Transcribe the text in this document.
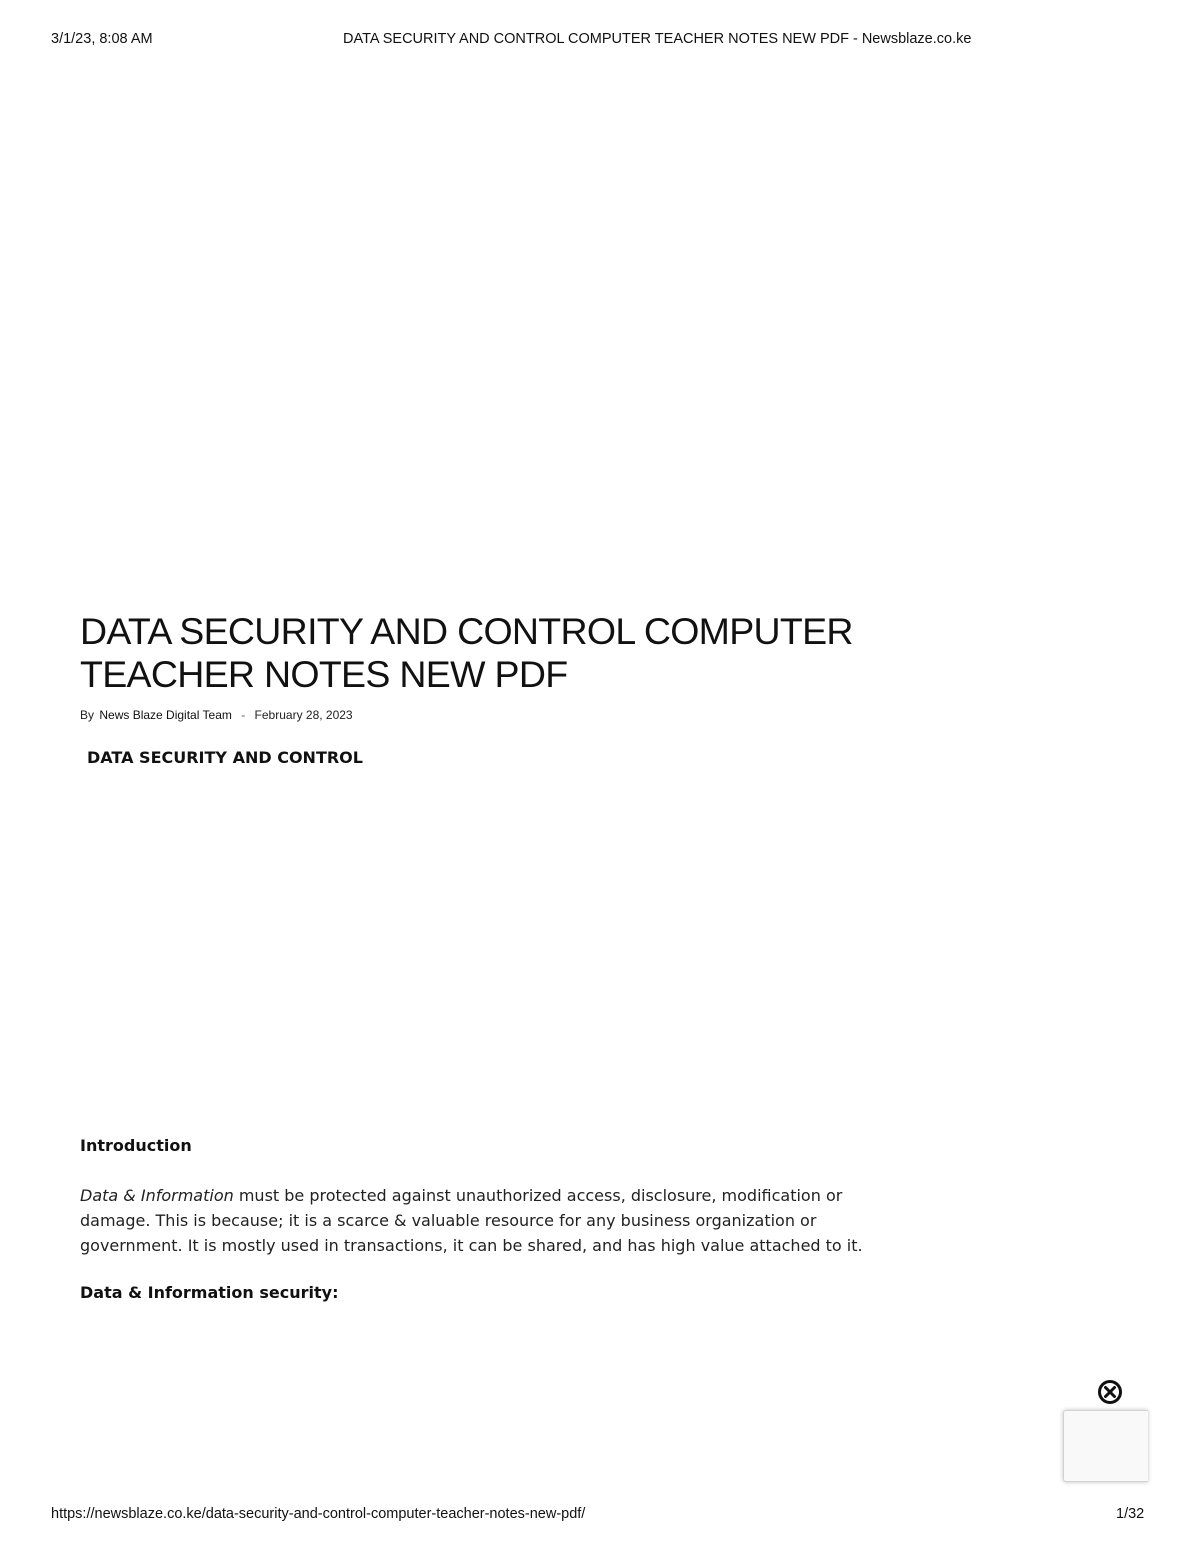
3/1/23, 8:08 AM	DATA SECURITY AND CONTROL COMPUTER TEACHER NOTES NEW PDF - Newsblaze.co.ke
DATA SECURITY AND CONTROL COMPUTER
TEACHER NOTES NEW PDF
By News Blaze Digital Team - February 28, 2023
DATA SECURITY AND CONTROL
Introduction

Data & Information must be protected against unauthorized access, disclosure, modification or
damage. This is because; it is a scarce & valuable resource for any business organization or
government. It is mostly used in transactions, it can be shared, and has high value attached to it.

Data & Information security:
https://newsblaze.co.ke/data-security-and-control-computer-teacher-notes-new-pdf/	1/32
